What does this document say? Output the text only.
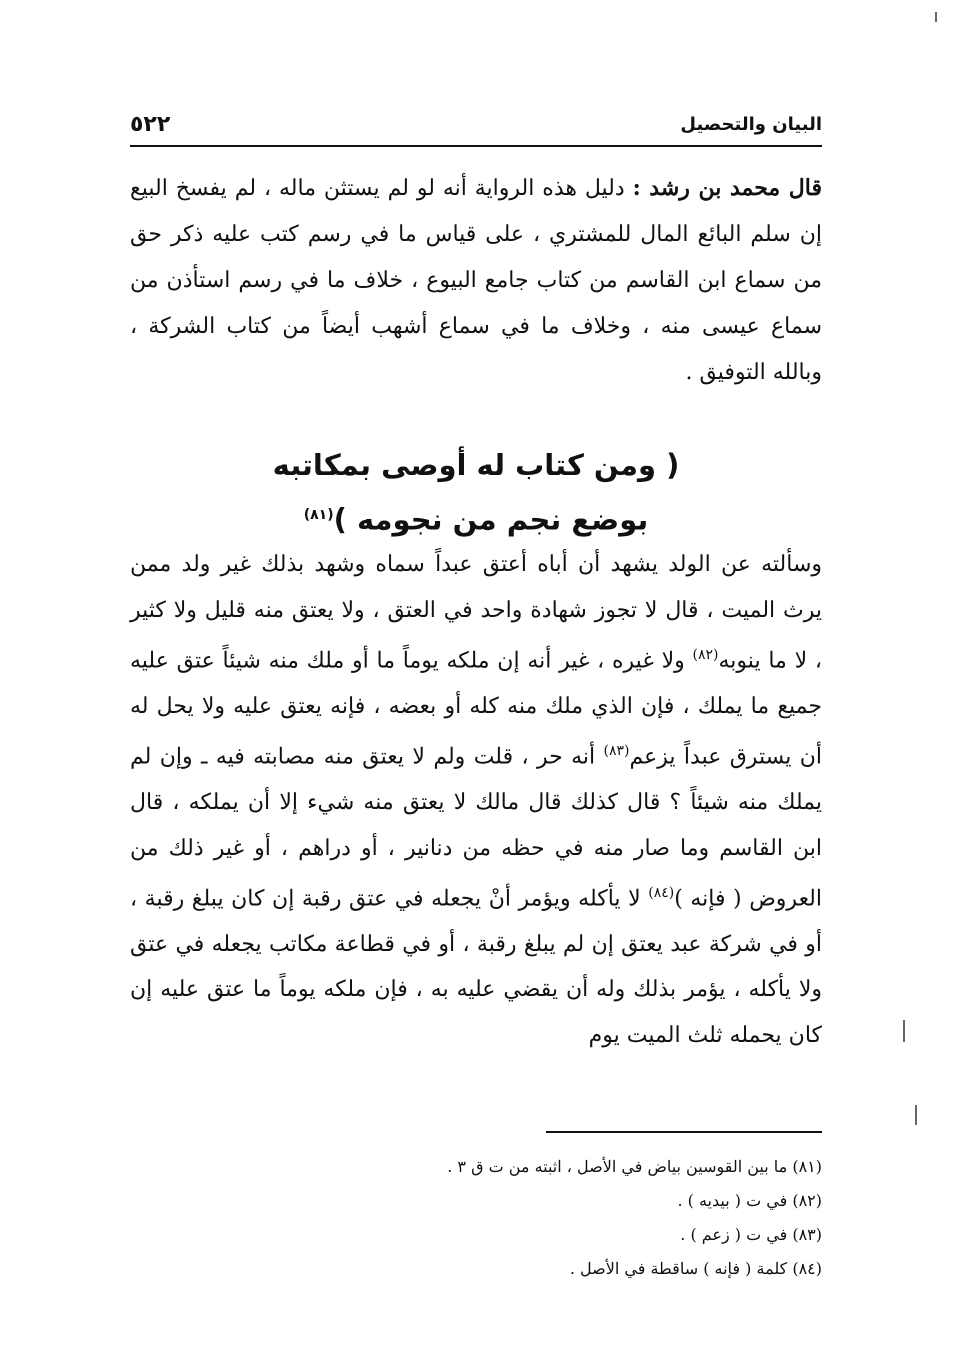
٥٢٢	البيان والتحصيل
قال محمد بن رشد : دليل هذه الرواية أنه لو لم يستثن ماله ، لم يفسخ البيع إن سلم البائع المال للمشتري ، على قياس ما في رسم كتب عليه ذكر حق من سماع ابن القاسم من كتاب جامع البيوع ، خلاف ما في رسم استأذن من سماع عيسى منه ، وخلاف ما في سماع أشهب أيضاً من كتاب الشركة ، وبالله التوفيق .
( ومن كتاب له أوصى بمكاتبه
بوضع نجم من نجومه )$^{(٨١)}$
وسألته عن الولد يشهد أن أباه أعتق عبداً سماه وشهد بذلك غير ولد ممن يرث الميت ، قال لا تجوز شهادة واحد في العتق ، ولا يعتق منه قليل ولا كثير ، لا ما ينوبه$^{(٨٢)}$ ولا غيره ، غير أنه إن ملكه يوماً ما أو ملك منه شيئاً عتق عليه جميع ما يملك ، فإن الذي ملك منه كله أو بعضه ، فإنه يعتق عليه ولا يحل له أن يسترق عبداً يزعم$^{(٨٣)}$ أنه حر ، قلت ولم لا يعتق منه مصابته فيه ـ وإن لم يملك منه شيئاً ؟ قال كذلك قال مالك لا يعتق منه شيء إلا أن يملكه ، قال ابن القاسم وما صار منه في حظه من دنانير ، أو دراهم ، أو غير ذلك من العروض ( فإنه )$^{(٨٤)}$ لا يأكله ويؤمر أنْ يجعله في عتق رقبة إن كان يبلغ رقبة ، أو في شركة عبد يعتق إن لم يبلغ رقبة ، أو في قطاعة مكاتب يجعله في عتق ولا يأكله ، يؤمر بذلك وله أن يقضي عليه به ، فإن ملكه يوماً ما عتق عليه إن كان يحمله ثلث الميت يوم

(٨١) ما بين القوسين بياض في الأصل ، اثبته من ت ق ٣ .

(٨٢) في ت ( بيديه ) .

(٨٣) في ت ( زعم ) .

(٨٤) كلمة ( فإنه ) ساقطة في الأصل .
